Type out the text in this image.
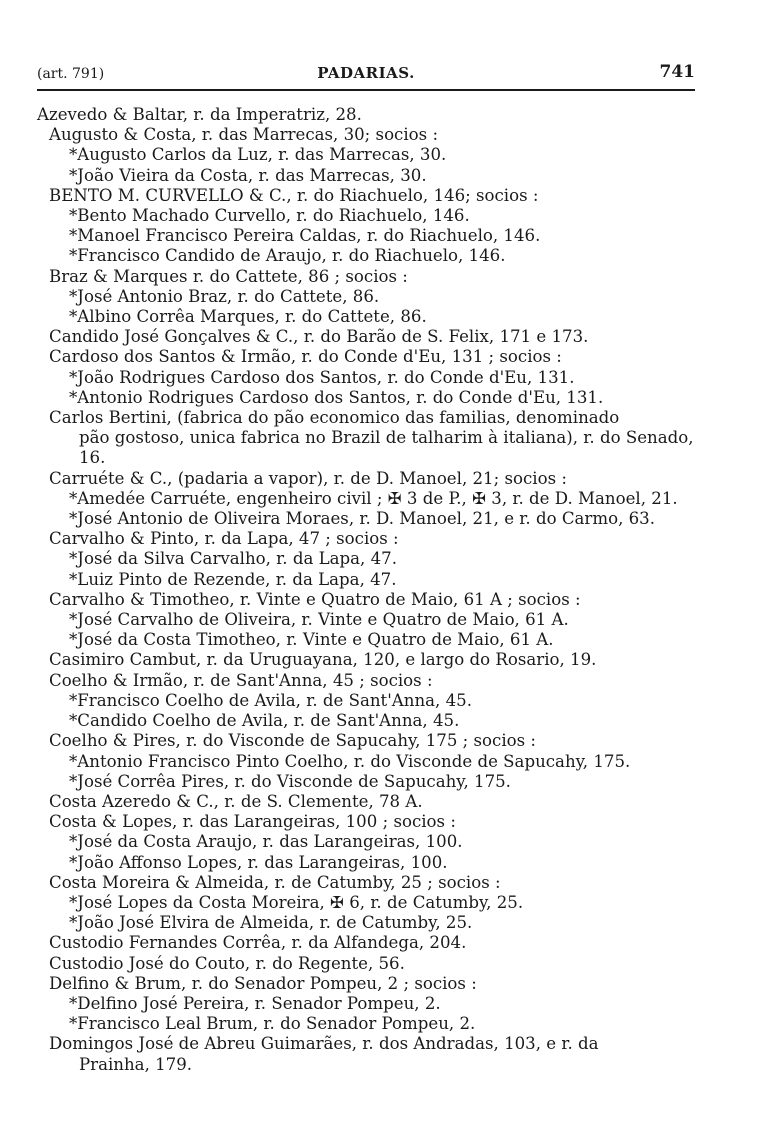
(art. 791)	PADARIAS.	741
Azevedo & Baltar, r. da Imperatriz, 28.
Augusto & Costa, r. das Marrecas, 30; socios :
*Augusto Carlos da Luz, r. das Marrecas, 30.
*João Vieira da Costa, r. das Marrecas, 30.
BENTO M. CURVELLO & C., r. do Riachuelo, 146; socios :
*Bento Machado Curvello, r. do Riachuelo, 146.
*Manoel Francisco Pereira Caldas, r. do Riachuelo, 146.
*Francisco Candido de Araujo, r. do Riachuelo, 146.
Braz & Marques r. do Cattete, 86 ; socios :
*José Antonio Braz, r. do Cattete, 86.
*Albino Corrêa Marques, r. do Cattete, 86.
Candido José Gonçalves & C., r. do Barão de S. Felix, 171 e 173.
Cardoso dos Santos & Irmão, r. do Conde d'Eu, 131 ; socios :
*João Rodrigues Cardoso dos Santos, r. do Conde d'Eu, 131.
*Antonio Rodrigues Cardoso dos Santos, r. do Conde d'Eu, 131.
Carlos Bertini, (fabrica do pão economico das familias, denominado
pão gostoso, unica fabrica no Brazil de talharim à italiana), r. do Senado, 16.
Carruéte & C., (padaria a vapor), r. de D. Manoel, 21; socios :
*Amedée Carruéte, engenheiro civil ; ✠ 3 de P., ✠ 3, r. de D. Manoel, 21.
*José Antonio de Oliveira Moraes, r. D. Manoel, 21, e r. do Carmo, 63.
Carvalho & Pinto, r. da Lapa, 47 ; socios :
*José da Silva Carvalho, r. da Lapa, 47.
*Luiz Pinto de Rezende, r. da Lapa, 47.
Carvalho & Timotheo, r. Vinte e Quatro de Maio, 61 A ; socios :
*José Carvalho de Oliveira, r. Vinte e Quatro de Maio, 61 A.
*José da Costa Timotheo, r. Vinte e Quatro de Maio, 61 A.
Casimiro Cambut, r. da Uruguayana, 120, e largo do Rosario, 19.
Coelho & Irmão, r. de Sant'Anna, 45 ; socios :
*Francisco Coelho de Avila, r. de Sant'Anna, 45.
*Candido Coelho de Avila, r. de Sant'Anna, 45.
Coelho & Pires, r. do Visconde de Sapucahy, 175 ; socios :
*Antonio Francisco Pinto Coelho, r. do Visconde de Sapucahy, 175.
*José Corrêa Pires, r. do Visconde de Sapucahy, 175.
Costa Azeredo & C., r. de S. Clemente, 78 A.
Costa & Lopes, r. das Larangeiras, 100 ; socios :
*José da Costa Araujo, r. das Larangeiras, 100.
*João Affonso Lopes, r. das Larangeiras, 100.
Costa Moreira & Almeida, r. de Catumby, 25 ; socios :
*José Lopes da Costa Moreira, ✠ 6, r. de Catumby, 25.
*João José Elvira de Almeida, r. de Catumby, 25.
Custodio Fernandes Corrêa, r. da Alfandega, 204.
Custodio José do Couto, r. do Regente, 56.
Delfino & Brum, r. do Senador Pompeu, 2 ; socios :
*Delfino José Pereira, r. Senador Pompeu, 2.
*Francisco Leal Brum, r. do Senador Pompeu, 2.
Domingos José de Abreu Guimarães, r. dos Andradas, 103, e r. da
Prainha, 179.
